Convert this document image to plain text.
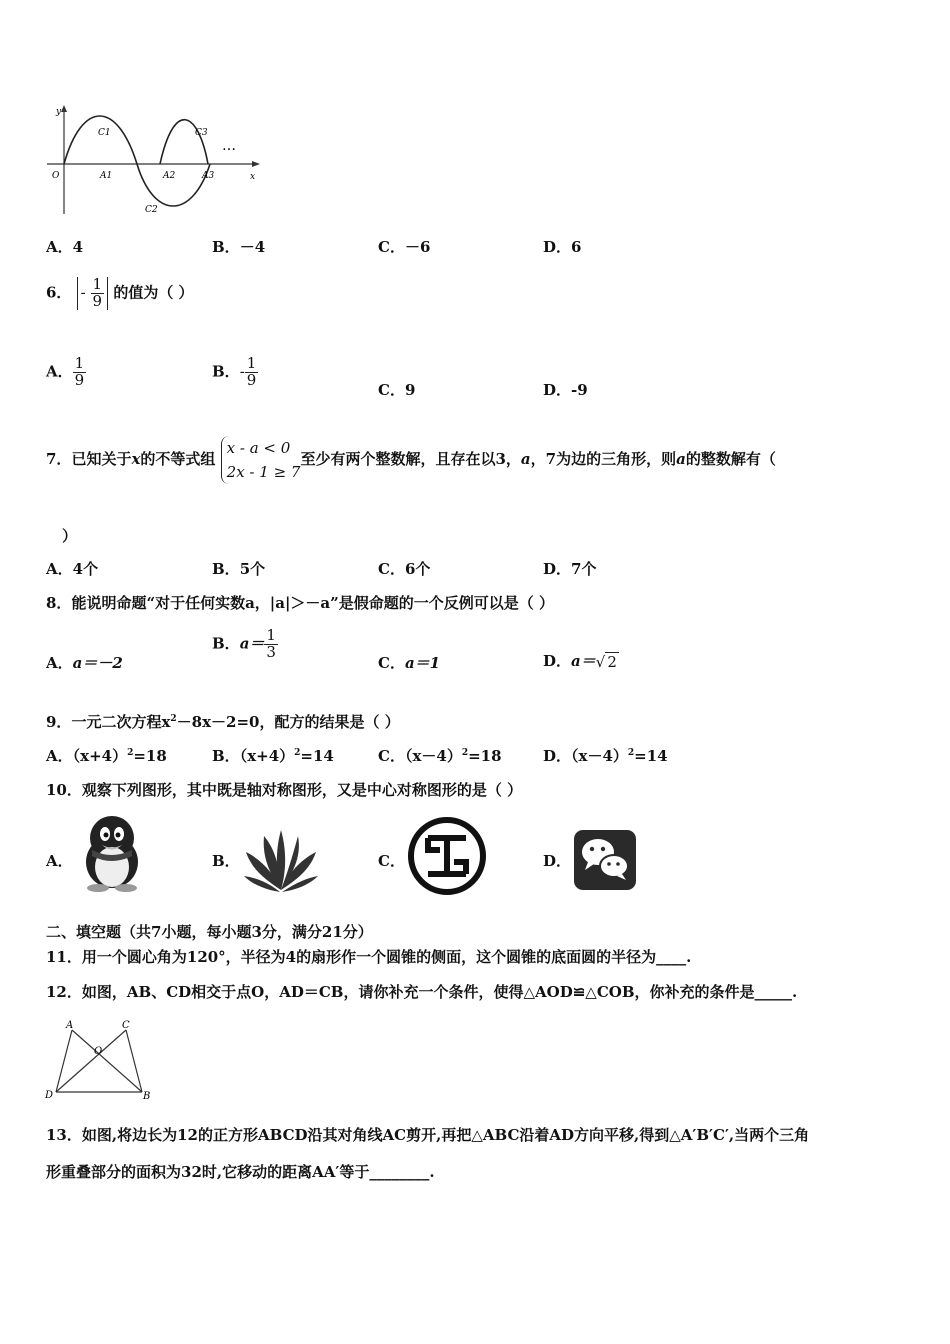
y
x
O
C1
C2
C3
A1	A2	A3
…
A．4	B．－4	C．－6	D．6
6． - $\frac{1}{9}$ 的值为（ ）
A． $\frac{1}{9}$	B．- $\frac{1}{9}$
C．9	D．-9
7．已知关于x的不等式组
x - a < 0
2x - 1 ≥ 7
至少有两个整数解，且存在以3，a，7为边的三角形，则a的整数解有（
）
A．4个	B．5个	C．6个	D．7个
8．能说明命题“对于任何实数a，|a|＞－a”是假命题的一个反例可以是（ ）
A．a＝－2
B．$a= \frac{1}{3}$
C．a＝1	D．a＝√ 2
9．一元二次方程$x^2-8x-2=0$，配方的结果是（ ）
A．$(x+4)^2=18$	B．$(x+4)^2=14$	C．$(x-4)^2=18$	D．$(x-4)^2=14$
10．观察下列图形，其中既是轴对称图形，又是中心对称图形的是（ ）
A．	B．	C．	D．
二、填空题（共7小题，每小题3分，满分21分）
11．用一个圆心角为120°，半径为4的扇形作一个圆锥的侧面，这个圆锥的底面圆的半径为____.
12．如图，AB、CD相交于点O，AD＝CB，请你补充一个条件，使得△AOD≌△COB，你补充的条件是_____.
A	C
O
D	B
13．如图,将边长为12的正方形ABCD沿其对角线AC剪开,再把△ABC沿着AD方向平移,得到△A′B′C′,当两个三角
形重叠部分的面积为32时,它移动的距离AA′等于________.
